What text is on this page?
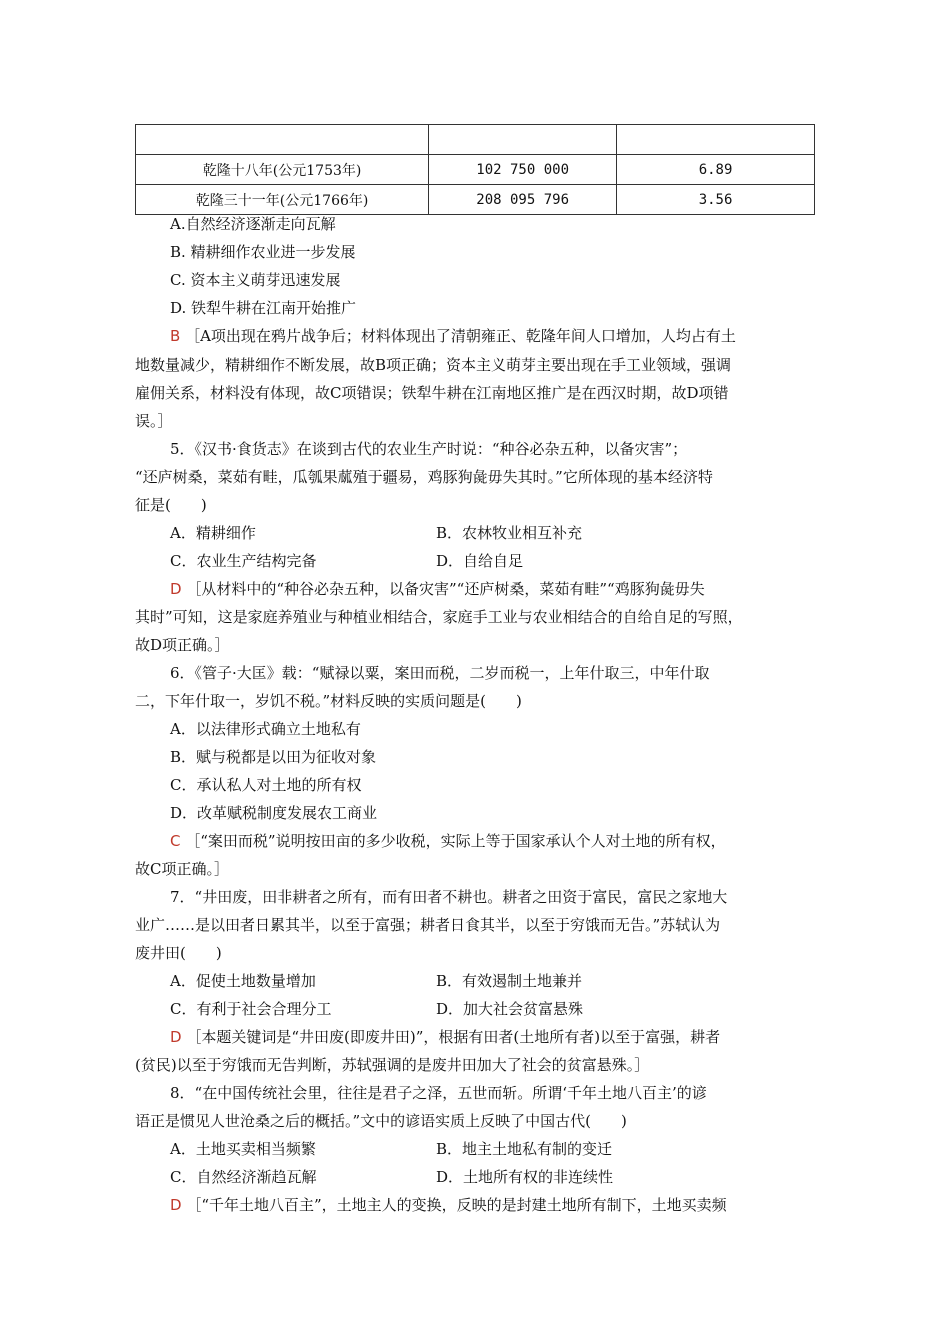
乾隆十八年(公元1753年)	102 750 000	6.89
乾隆三十一年(公元1766年)	208 095 796	3.56
A.自然经济逐渐走向瓦解
B. 精耕细作农业进一步发展
C. 资本主义萌芽迅速发展
D. 铁犁牛耕在江南开始推广
B ［A项出现在鸦片战争后；材料体现出了清朝雍正、乾隆年间人口增加，人均占有土
地数量减少，精耕细作不断发展，故B项正确；资本主义萌芽主要出现在手工业领域，强调
雇佣关系，材料没有体现，故C项错误；铁犁牛耕在江南地区推广是在西汉时期，故D项错
误。］
5．《汉书·食货志》在谈到古代的农业生产时说：“种谷必杂五种，以备灾害”；
“还庐树桑，菜茹有畦，瓜瓠果蓏殖于疆易，鸡豚狗彘毋失其时。”它所体现的基本经济特
征是(　　)
A．精耕细作	B．农林牧业相互补充
C．农业生产结构完备	D．自给自足
D ［从材料中的“种谷必杂五种，以备灾害”“还庐树桑，菜茹有畦”“鸡豚狗彘毋失
其时”可知，这是家庭养殖业与种植业相结合，家庭手工业与农业相结合的自给自足的写照，
故D项正确。］
6．《管子·大匡》载：“赋禄以粟，案田而税，二岁而税一，上年什取三，中年什取
二，下年什取一，岁饥不税。”材料反映的实质问题是(　　)
A．以法律形式确立土地私有
B．赋与税都是以田为征收对象
C．承认私人对土地的所有权
D．改革赋税制度发展农工商业
C ［“案田而税”说明按田亩的多少收税，实际上等于国家承认个人对土地的所有权，
故C项正确。］
7．“井田废，田非耕者之所有，而有田者不耕也。耕者之田资于富民，富民之家地大
业广……是以田者日累其半，以至于富强；耕者日食其半，以至于穷饿而无告。”苏轼认为
废井田(　　)
A．促使土地数量增加	B．有效遏制土地兼并
C．有利于社会合理分工	D．加大社会贫富悬殊
D ［本题关键词是“井田废(即废井田)”，根据有田者(土地所有者)以至于富强，耕者
(贫民)以至于穷饿而无告判断，苏轼强调的是废井田加大了社会的贫富悬殊。］
8．“在中国传统社会里，往往是君子之泽，五世而斩。所谓‘千年土地八百主’的谚
语正是惯见人世沧桑之后的概括。”文中的谚语实质上反映了中国古代(　　)
A．土地买卖相当频繁	B．地主土地私有制的变迁
C．自然经济渐趋瓦解	D．土地所有权的非连续性
D ［“千年土地八百主”，土地主人的变换，反映的是封建土地所有制下，土地买卖频
